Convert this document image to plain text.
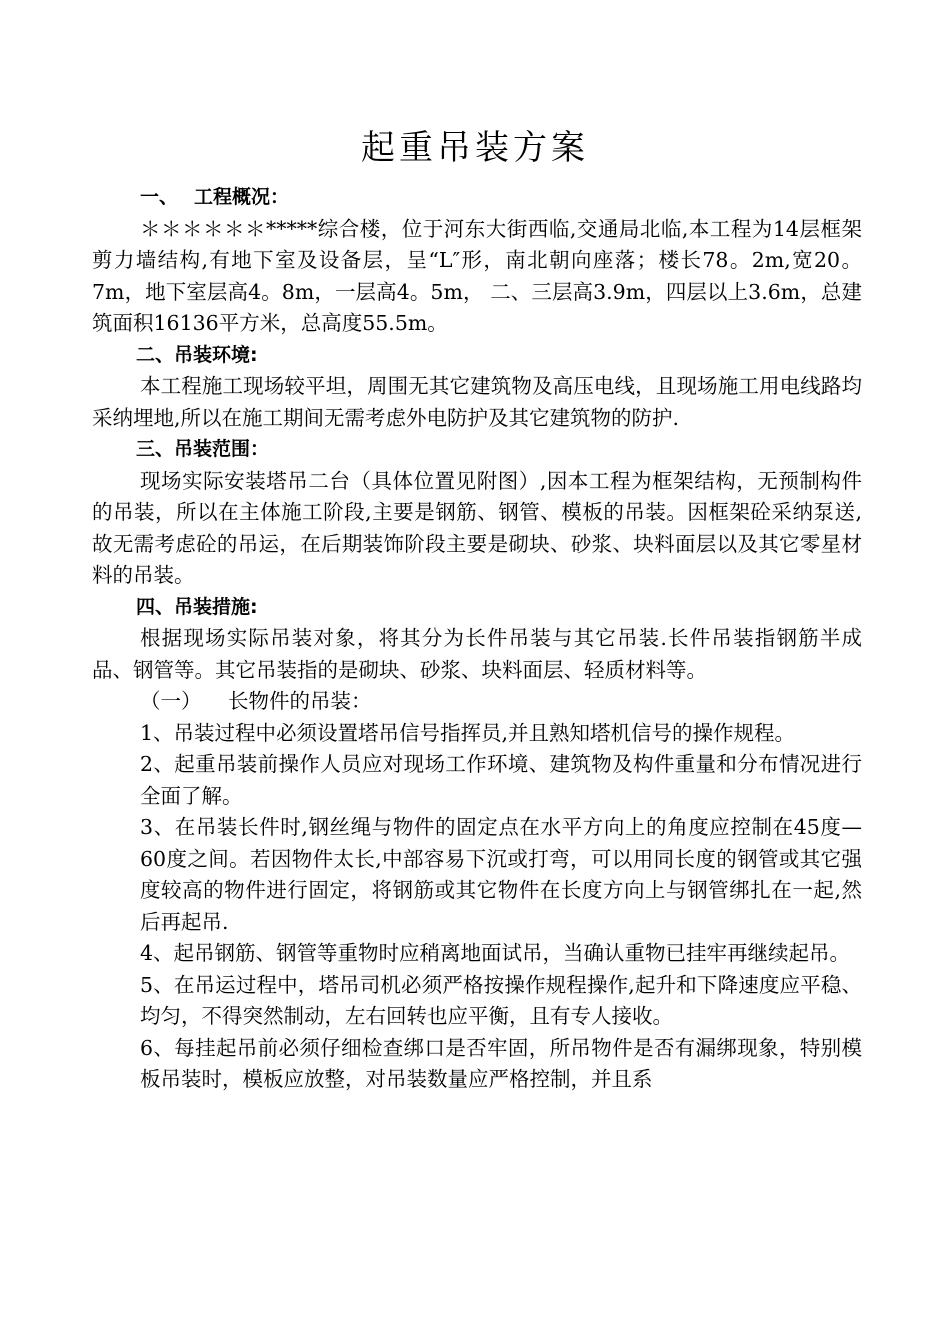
起重吊装方案

一、 工程概况：

＊＊＊＊＊＊*****综合楼，位于河东大街西临,交通局北临,本工程为14层框架剪力墙结构,有地下室及设备层，呈“L″形，南北朝向座落；楼长78。2m,宽20。7m，地下室层高4。8m，一层高4。5m， 二、三层高3.9m，四层以上3.6m，总建筑面积16136平方米，总高度55.5m。

二、吊装环境:

本工程施工现场较平坦，周围无其它建筑物及高压电线，且现场施工用电线路均采纳埋地,所以在施工期间无需考虑外电防护及其它建筑物的防护.

三、吊装范围：

现场实际安装塔吊二台（具体位置见附图）,因本工程为框架结构，无预制构件的吊装，所以在主体施工阶段,主要是钢筋、钢管、模板的吊装。因框架砼采纳泵送,故无需考虑砼的吊运，在后期装饰阶段主要是砌块、砂浆、块料面层以及其它零星材料的吊装。

四、吊装措施:

根据现场实际吊装对象，将其分为长件吊装与其它吊装.长件吊装指钢筋半成品、钢管等。其它吊装指的是砌块、砂浆、块料面层、轻质材料等。

（一） 长物件的吊装：

1、吊装过程中必须设置塔吊信号指挥员,并且熟知塔机信号的操作规程。

2、起重吊装前操作人员应对现场工作环境、建筑物及构件重量和分布情况进行全面了解。

3、在吊装长件时,钢丝绳与物件的固定点在水平方向上的角度应控制在45度—60度之间。若因物件太长,中部容易下沉或打弯，可以用同长度的钢管或其它强度较高的物件进行固定，将钢筋或其它物件在长度方向上与钢管绑扎在一起,然后再起吊.

4、起吊钢筋、钢管等重物时应稍离地面试吊，当确认重物已挂牢再继续起吊。

5、在吊运过程中，塔吊司机必须严格按操作规程操作,起升和下降速度应平稳、均匀，不得突然制动，左右回转也应平衡，且有专人接收。

6、每挂起吊前必须仔细检查绑口是否牢固，所吊物件是否有漏绑现象，特别模板吊装时，模板应放整，对吊装数量应严格控制，并且系
